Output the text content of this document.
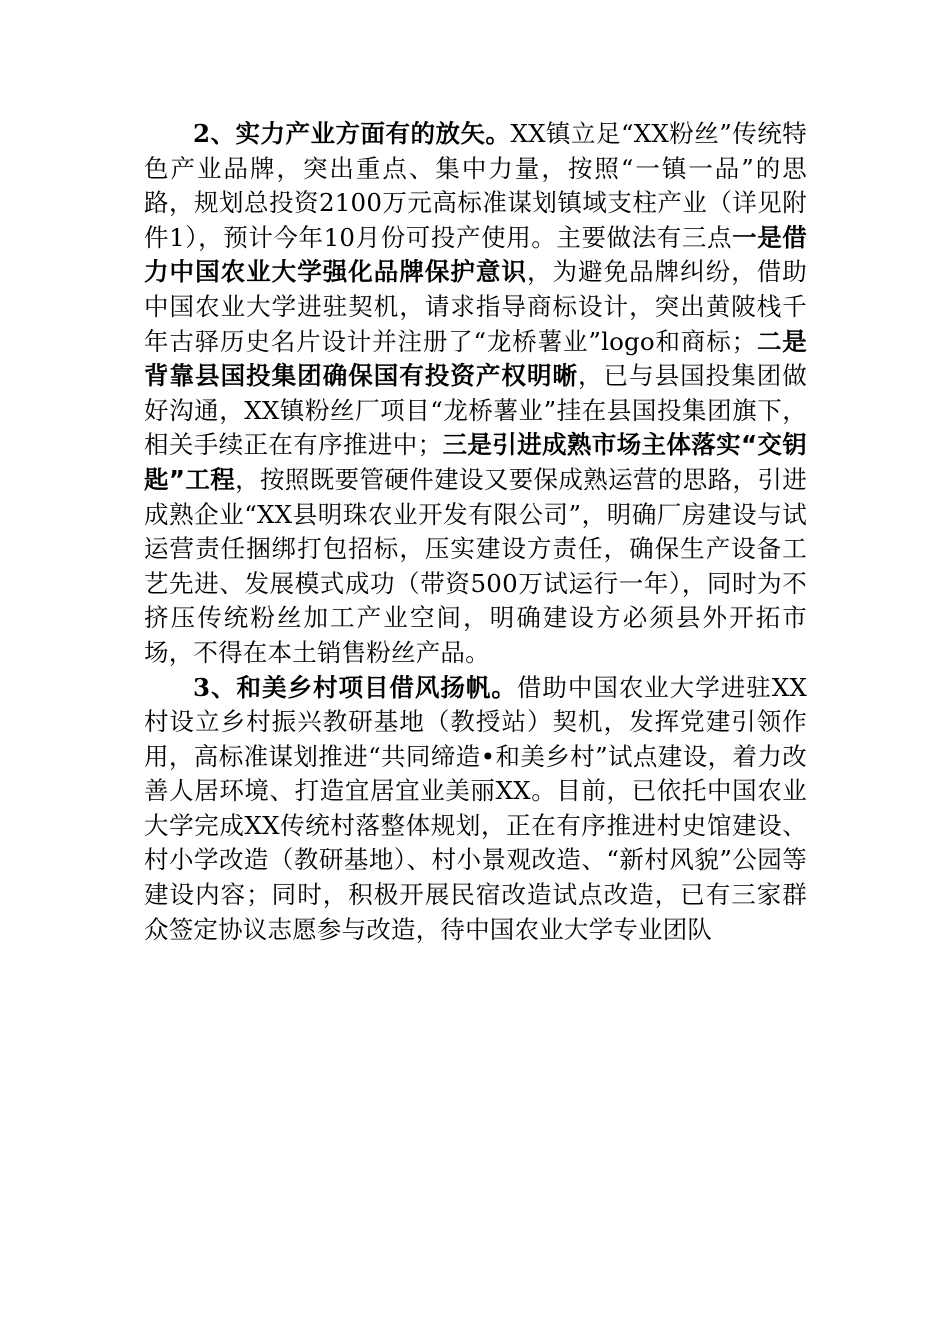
2、实力产业方面有的放矢。XX镇立足“XX粉丝”传统特色产业品牌，突出重点、集中力量，按照“一镇一品”的思路，规划总投资2100万元高标准谋划镇域支柱产业（详见附件1），预计今年10月份可投产使用。主要做法有三点一是借力中国农业大学强化品牌保护意识，为避免品牌纠纷，借助中国农业大学进驻契机，请求指导商标设计，突出黄陂栈千年古驿历史名片设计并注册了“龙桥薯业”logo和商标；二是背靠县国投集团确保国有投资产权明晰，已与县国投集团做好沟通，XX镇粉丝厂项目“龙桥薯业”挂在县国投集团旗下，相关手续正在有序推进中；三是引进成熟市场主体落实“交钥匙”工程，按照既要管硬件建设又要保成熟运营的思路，引进成熟企业“XX县明珠农业开发有限公司”，明确厂房建设与试运营责任捆绑打包招标，压实建设方责任，确保生产设备工艺先进、发展模式成功（带资500万试运行一年），同时为不挤压传统粉丝加工产业空间，明确建设方必须县外开拓市场，不得在本土销售粉丝产品。

3、和美乡村项目借风扬帆。借助中国农业大学进驻XX村设立乡村振兴教研基地（教授站）契机，发挥党建引领作用，高标准谋划推进“共同缔造•和美乡村”试点建设，着力改善人居环境、打造宜居宜业美丽XX。目前，已依托中国农业大学完成XX传统村落整体规划，正在有序推进村史馆建设、村小学改造（教研基地）、村小景观改造、“新村风貌”公园等建设内容；同时，积极开展民宿改造试点改造，已有三家群众签定协议志愿参与改造，待中国农业大学专业团队
